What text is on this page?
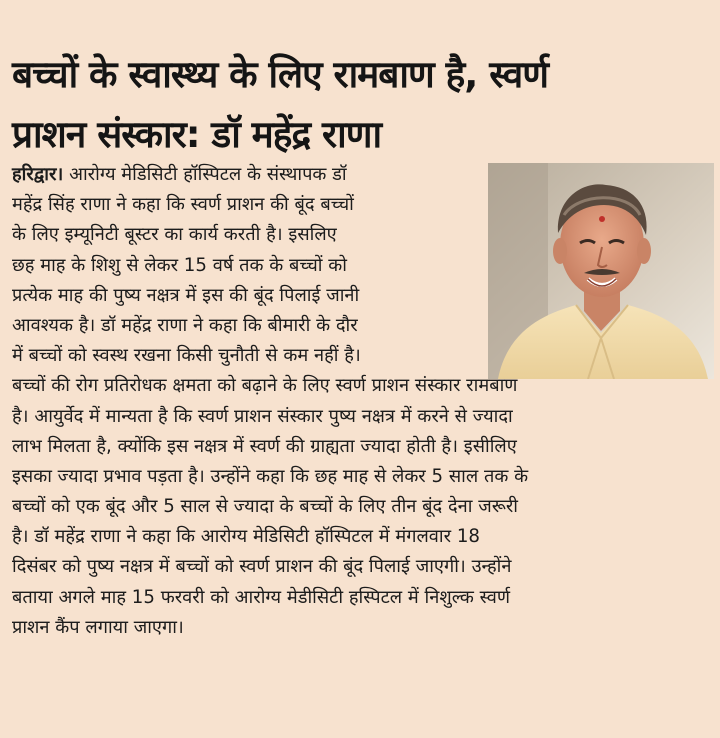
बच्चों के स्वास्थ्य के लिए रामबाण है, स्वर्ण
प्राशन संस्कार: डॉ महेंद्र राणा
हरिद्वार। आरोग्य मेडिसिटी हॉस्पिटल के संस्थापक डॉ
महेंद्र सिंह राणा ने कहा कि स्वर्ण प्राशन की बूंद बच्चों
के लिए इम्यूनिटी बूस्टर का कार्य करती है। इसलिए
छह माह के शिशु से लेकर 15 वर्ष तक के बच्चों को
प्रत्येक माह की पुष्य नक्षत्र में इस की बूंद पिलाई जानी
आवश्यक है। डॉ महेंद्र राणा ने कहा कि बीमारी के दौर
में बच्चों को स्वस्थ रखना किसी चुनौती से कम नहीं है।
बच्चों की रोग प्रतिरोधक क्षमता को बढ़ाने के लिए स्वर्ण प्राशन संस्कार रामबाण
है। आयुर्वेद में मान्यता है कि स्वर्ण प्राशन संस्कार पुष्य नक्षत्र में करने से ज्यादा
लाभ मिलता है, क्योंकि इस नक्षत्र में स्वर्ण की ग्राह्यता ज्यादा होती है। इसीलिए
इसका ज्यादा प्रभाव पड़ता है। उन्होंने कहा कि छह माह से लेकर 5 साल तक के
बच्चों को एक बूंद और 5 साल से ज्यादा के बच्चों के लिए तीन बूंद देना जरूरी
है। डॉ महेंद्र राणा ने कहा कि आरोग्य मेडिसिटी हॉस्पिटल में मंगलवार 18
दिसंबर को पुष्य नक्षत्र में बच्चों को स्वर्ण प्राशन की बूंद पिलाई जाएगी। उन्होंने
बताया अगले माह 15 फरवरी को आरोग्य मेडीसिटी हस्पिटल में निशुल्क स्वर्ण
प्राशन कैंप लगाया जाएगा।
